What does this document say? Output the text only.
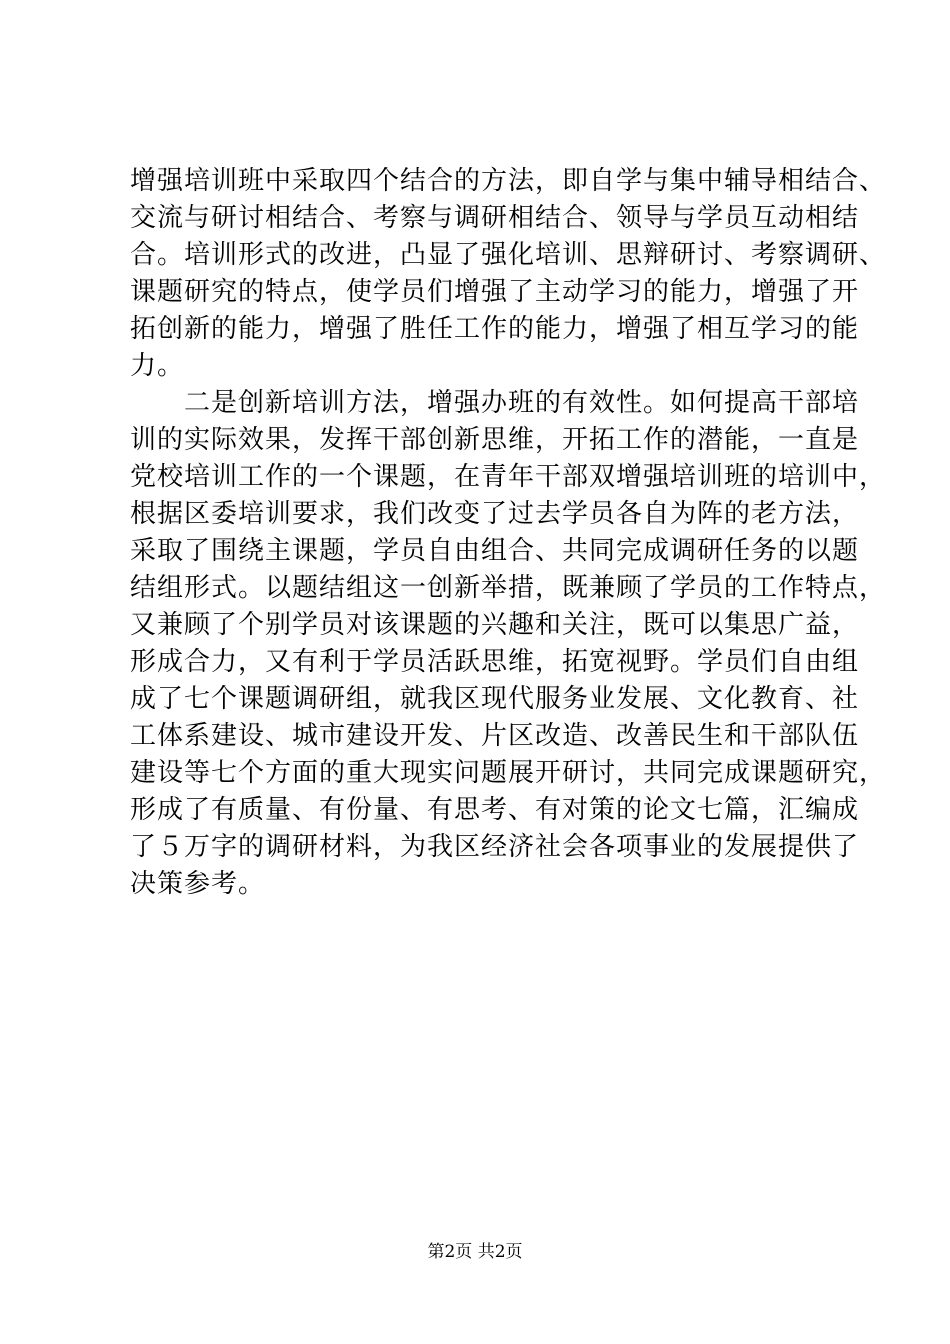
增强培训班中采取四个结合的方法，即自学与集中辅导相结合、
交流与研讨相结合、考察与调研相结合、领导与学员互动相结
合。培训形式的改进，凸显了强化培训、思辩研讨、考察调研、
课题研究的特点，使学员们增强了主动学习的能力，增强了开
拓创新的能力，增强了胜任工作的能力，增强了相互学习的能
力。
　　二是创新培训方法，增强办班的有效性。如何提高干部培
训的实际效果，发挥干部创新思维，开拓工作的潜能，一直是
党校培训工作的一个课题，在青年干部双增强培训班的培训中，
根据区委培训要求，我们改变了过去学员各自为阵的老方法，
采取了围绕主课题，学员自由组合、共同完成调研任务的以题
结组形式。以题结组这一创新举措，既兼顾了学员的工作特点，
又兼顾了个别学员对该课题的兴趣和关注，既可以集思广益，
形成合力，又有利于学员活跃思维，拓宽视野。学员们自由组
成了七个课题调研组，就我区现代服务业发展、文化教育、社
工体系建设、城市建设开发、片区改造、改善民生和干部队伍
建设等七个方面的重大现实问题展开研讨，共同完成课题研究，
形成了有质量、有份量、有思考、有对策的论文七篇，汇编成
了５万字的调研材料，为我区经济社会各项事业的发展提供了
决策参考。
第2页 共2页
